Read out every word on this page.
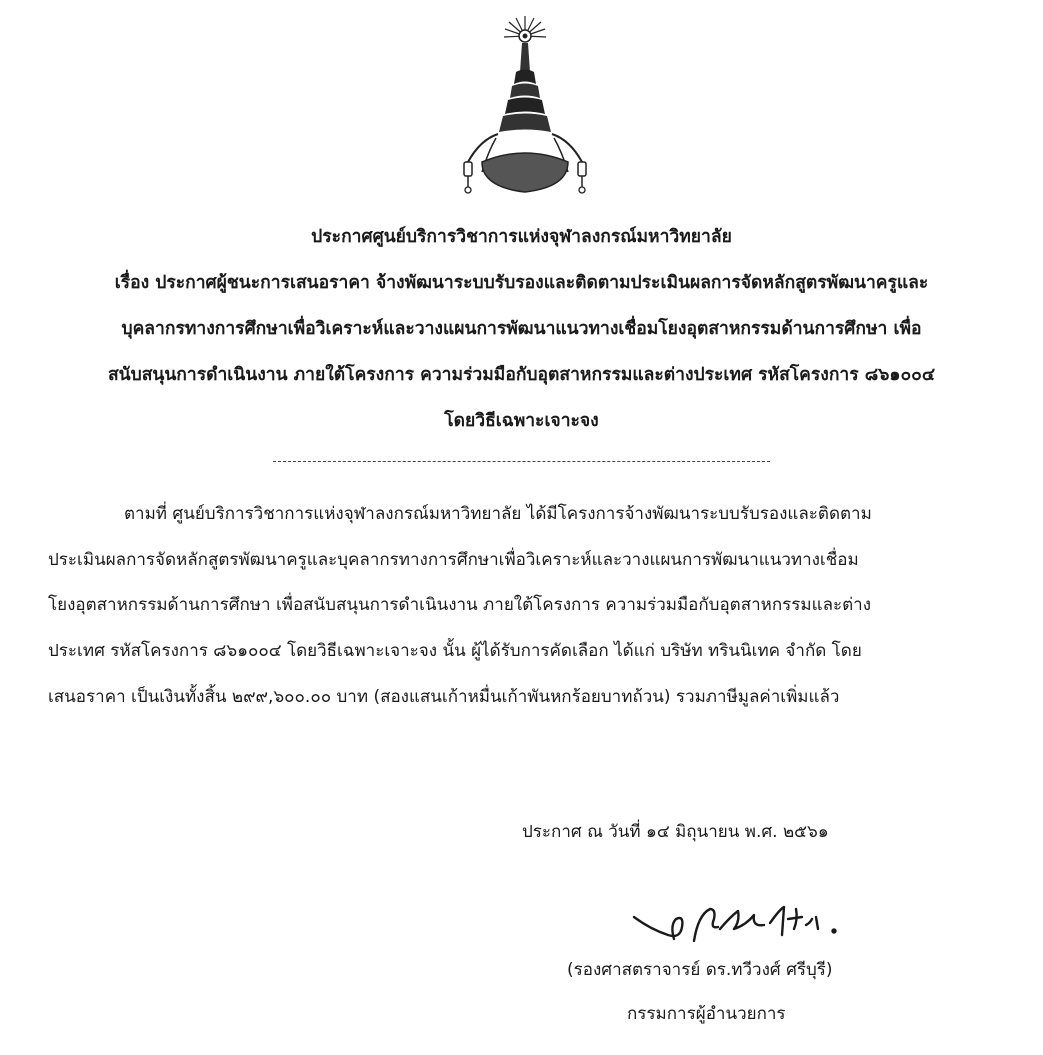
ประกาศศูนย์บริการวิชาการแห่งจุฬาลงกรณ์มหาวิทยาลัย
เรื่อง ประกาศผู้ชนะการเสนอราคา จ้างพัฒนาระบบรับรองและติดตามประเมินผลการจัดหลักสูตรพัฒนาครูและ
บุคลากรทางการศึกษาเพื่อวิเคราะห์และวางแผนการพัฒนาแนวทางเชื่อมโยงอุตสาหกรรมด้านการศึกษา เพื่อ
สนับสนุนการดำเนินงาน ภายใต้โครงการ ความร่วมมือกับอุตสาหกรรมและต่างประเทศ รหัสโครงการ ๘๖๑๐๐๔
โดยวิธีเฉพาะเจาะจง
ตามที่ ศูนย์บริการวิชาการแห่งจุฬาลงกรณ์มหาวิทยาลัย ได้มีโครงการจ้างพัฒนาระบบรับรองและติดตาม
ประเมินผลการจัดหลักสูตรพัฒนาครูและบุคลากรทางการศึกษาเพื่อวิเคราะห์และวางแผนการพัฒนาแนวทางเชื่อม
โยงอุตสาหกรรมด้านการศึกษา เพื่อสนับสนุนการดำเนินงาน ภายใต้โครงการ ความร่วมมือกับอุตสาหกรรมและต่าง
ประเทศ รหัสโครงการ ๘๖๑๐๐๔ โดยวิธีเฉพาะเจาะจง นั้น ผู้ได้รับการคัดเลือก ได้แก่ บริษัท ทรินนิเทค จำกัด โดย
เสนอราคา เป็นเงินทั้งสิ้น ๒๙๙,๖๐๐.๐๐ บาท (สองแสนเก้าหมื่นเก้าพันหกร้อยบาทถ้วน) รวมภาษีมูลค่าเพิ่มแล้ว
ประกาศ ณ วันที่ ๑๔ มิถุนายน พ.ศ. ๒๕๖๑
(รองศาสตราจารย์ ดร.ทวีวงศ์ ศรีบุรี)
กรรมการผู้อำนวยการ
